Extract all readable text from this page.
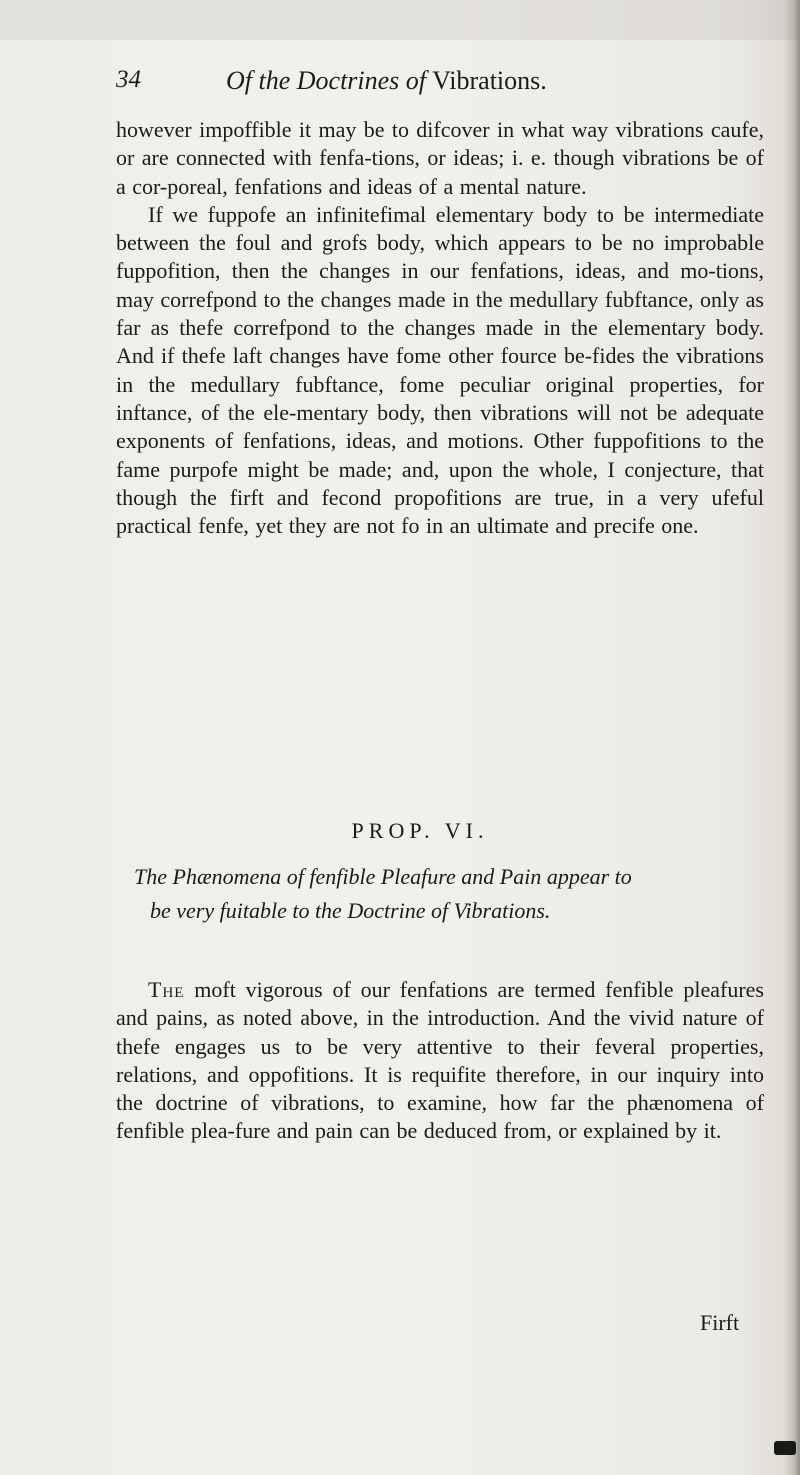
34	Of the Doctrines of Vibrations.

however impoffible it may be to difcover in what way vibrations caufe, or are connected with fenfa-tions, or ideas; i. e. though vibrations be of a cor-poreal, fenfations and ideas of a mental nature.

If we fuppofe an infinitefimal elementary body to be intermediate between the foul and grofs body, which appears to be no improbable fuppofition, then the changes in our fenfations, ideas, and mo-tions, may correfpond to the changes made in the medullary fubftance, only as far as thefe correfpond to the changes made in the elementary body. And if thefe laft changes have fome other fource be-fides the vibrations in the medullary fubftance, fome peculiar original properties, for inftance, of the ele-mentary body, then vibrations will not be adequate exponents of fenfations, ideas, and motions. Other fuppofitions to the fame purpofe might be made; and, upon the whole, I conjecture, that though the firft and fecond propofitions are true, in a very ufeful practical fenfe, yet they are not fo in an ultimate and precife one.

PROP. VI.
The Phænomena of fenfible Pleafure and Pain appear to
be very fuitable to the Doctrine of Vibrations.

The moft vigorous of our fenfations are termed fenfible pleafures and pains, as noted above, in the introduction. And the vivid nature of thefe engages us to be very attentive to their feveral properties, relations, and oppofitions. It is requifite therefore, in our inquiry into the doctrine of vibrations, to examine, how far the phænomena of fenfible plea-fure and pain can be deduced from, or explained by it.

Firft
